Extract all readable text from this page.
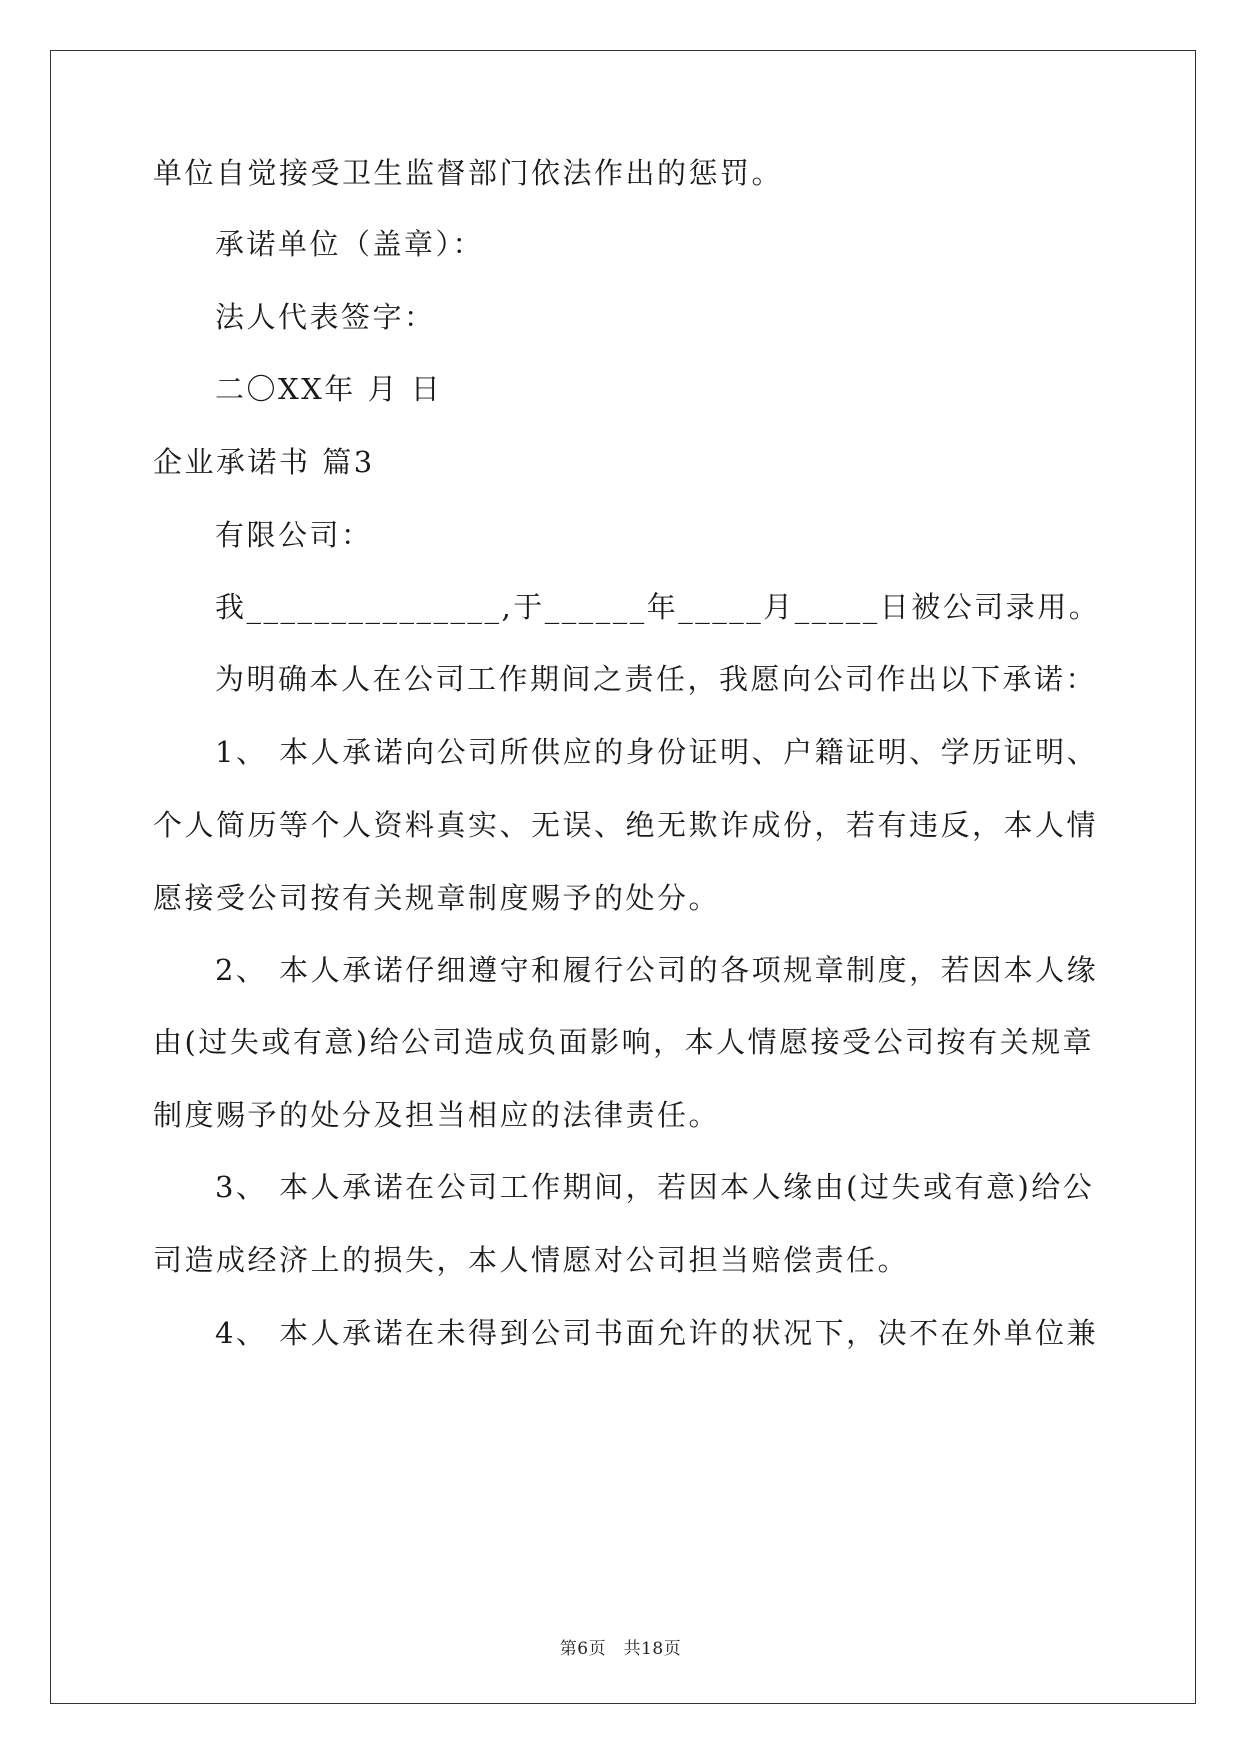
单位自觉接受卫生监督部门依法作出的惩罚。
承诺单位（盖章）：
法人代表签字：
二〇XX年 月 日
企业承诺书 篇3
有限公司：
我_______________,于______年_____月_____日被公司录用。
为明确本人在公司工作期间之责任，我愿向公司作出以下承诺：
1、 本人承诺向公司所供应的身份证明、户籍证明、学历证明、
个人简历等个人资料真实、无误、绝无欺诈成份，若有违反，本人情
愿接受公司按有关规章制度赐予的处分。
2、 本人承诺仔细遵守和履行公司的各项规章制度，若因本人缘
由(过失或有意)给公司造成负面影响，本人情愿接受公司按有关规章
制度赐予的处分及担当相应的法律责任。
3、 本人承诺在公司工作期间，若因本人缘由(过失或有意)给公
司造成经济上的损失，本人情愿对公司担当赔偿责任。
4、 本人承诺在未得到公司书面允许的状况下，决不在外单位兼
第6页　共18页
